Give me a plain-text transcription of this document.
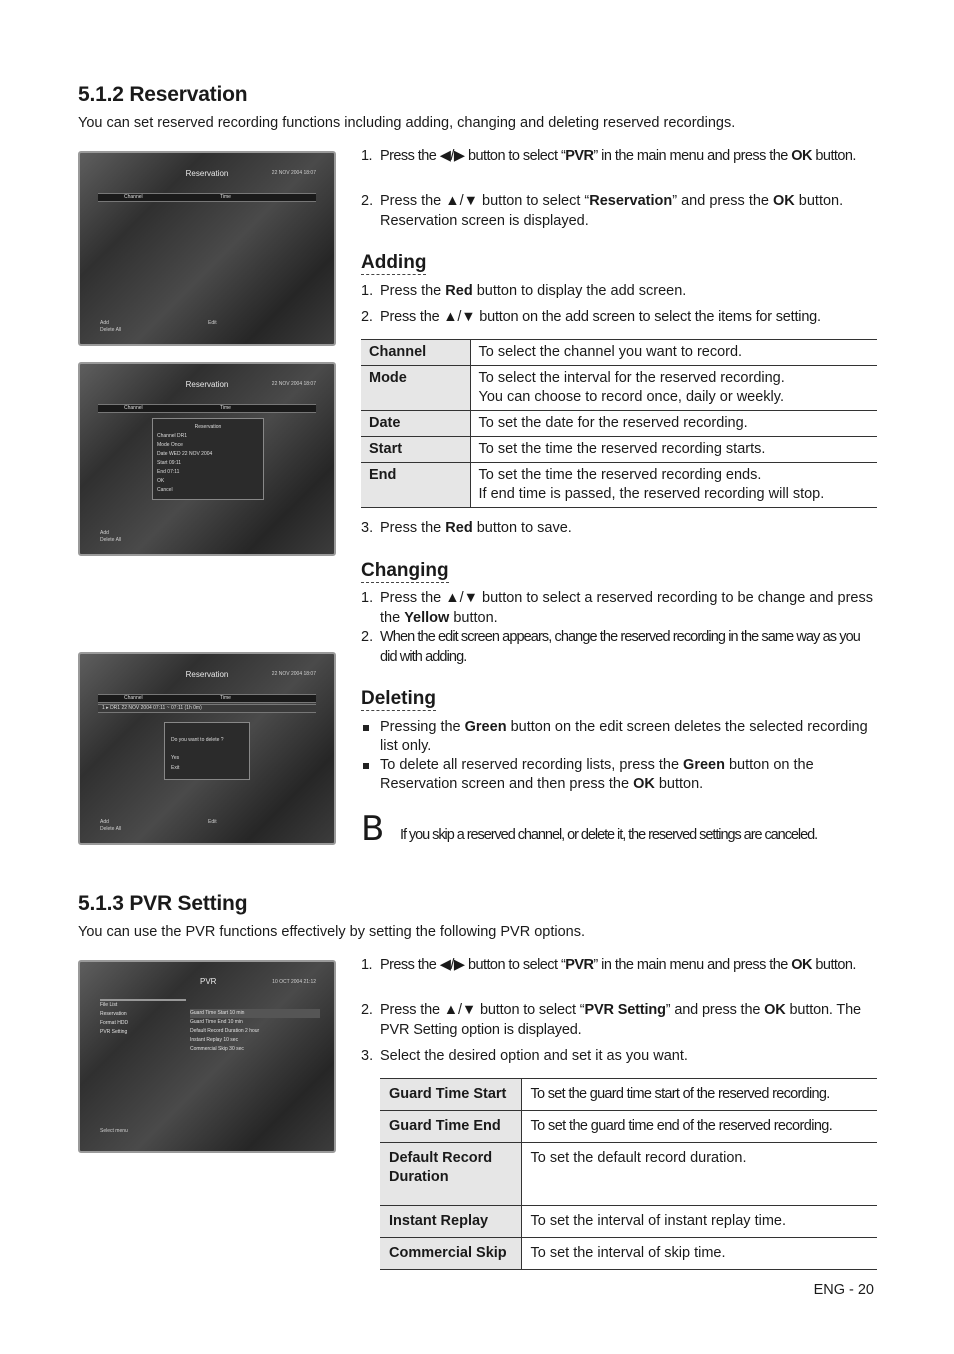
5.1.2 Reservation
You can set reserved recording functions including adding, changing and deleting reserved recordings.
Reservation	22 NOV 2004 18:07
Channel	Time
Add
Delete All
Edit
Reservation	22 NOV 2004 18:07
Channel	Time
Reservation
Channel DR1
Mode Once
Date WED 22 NOV 2004
Start 09:11
End 07:11
OK
Cancel
Add
Delete All
Reservation	22 NOV 2004 18:07
Channel	Time
1 ▸ DR1 22 NOV 2004 07:11 ~ 07:11 (1h 0m)
Do you want to delete ?
Yes
Exit
Add
Delete All
Edit
1. Press the ◀/▶ button to select “PVR” in the main menu and press the OK button.
2. Press the ▲/▼ button to select “Reservation” and press the OK button. Reservation screen is displayed.
Adding
1. Press the Red button to display the add screen.
2. Press the ▲/▼ button on the add screen to select the items for setting.
Channel	To select the channel you want to record.

Mode	To select the interval for the reserved recording.
You can choose to record once, daily or weekly.

Date	To set the date for the reserved recording.

Start	To set the time the reserved recording starts.

End	To set the time the reserved recording ends.
If end time is passed, the reserved recording will stop.
3. Press the Red button to save.
Changing
1. Press the ▲/▼ button to select a reserved recording to be change and press the Yellow button.
2. When the edit screen appears, change the reserved recording in the same way as you did with adding.
Deleting
Pressing the Green button on the edit screen deletes the selected recording list only.
To delete all reserved recording lists, press the Green button on the Reservation screen and then press the OK button.
B If you skip a reserved channel, or delete it, the reserved settings are canceled.
5.1.3 PVR Setting
You can use the PVR functions effectively by setting the following PVR options.
PVR	10 OCT 2004 21:12
File List
Reservation
Format HDD
PVR Setting
Guard Time Start 10 min
Guard Time End 10 min
Default Record Duration 2 hour
Instant Replay 10 sec
Commercial Skip 30 sec
Select menu
1. Press the ◀/▶ button to select “PVR” in the main menu and press the OK button.
2. Press the ▲/▼ button to select “PVR Setting” and press the OK button. The PVR Setting option is displayed.
3. Select the desired option and set it as you want.
Guard Time Start	To set the guard time start of the reserved recording.
Guard Time End	To set the guard time end of the reserved recording.
Default Record Duration	To set the default record duration.
Instant Replay	To set the interval of instant replay time.
Commercial Skip	To set the interval of skip time.
ENG - 20
